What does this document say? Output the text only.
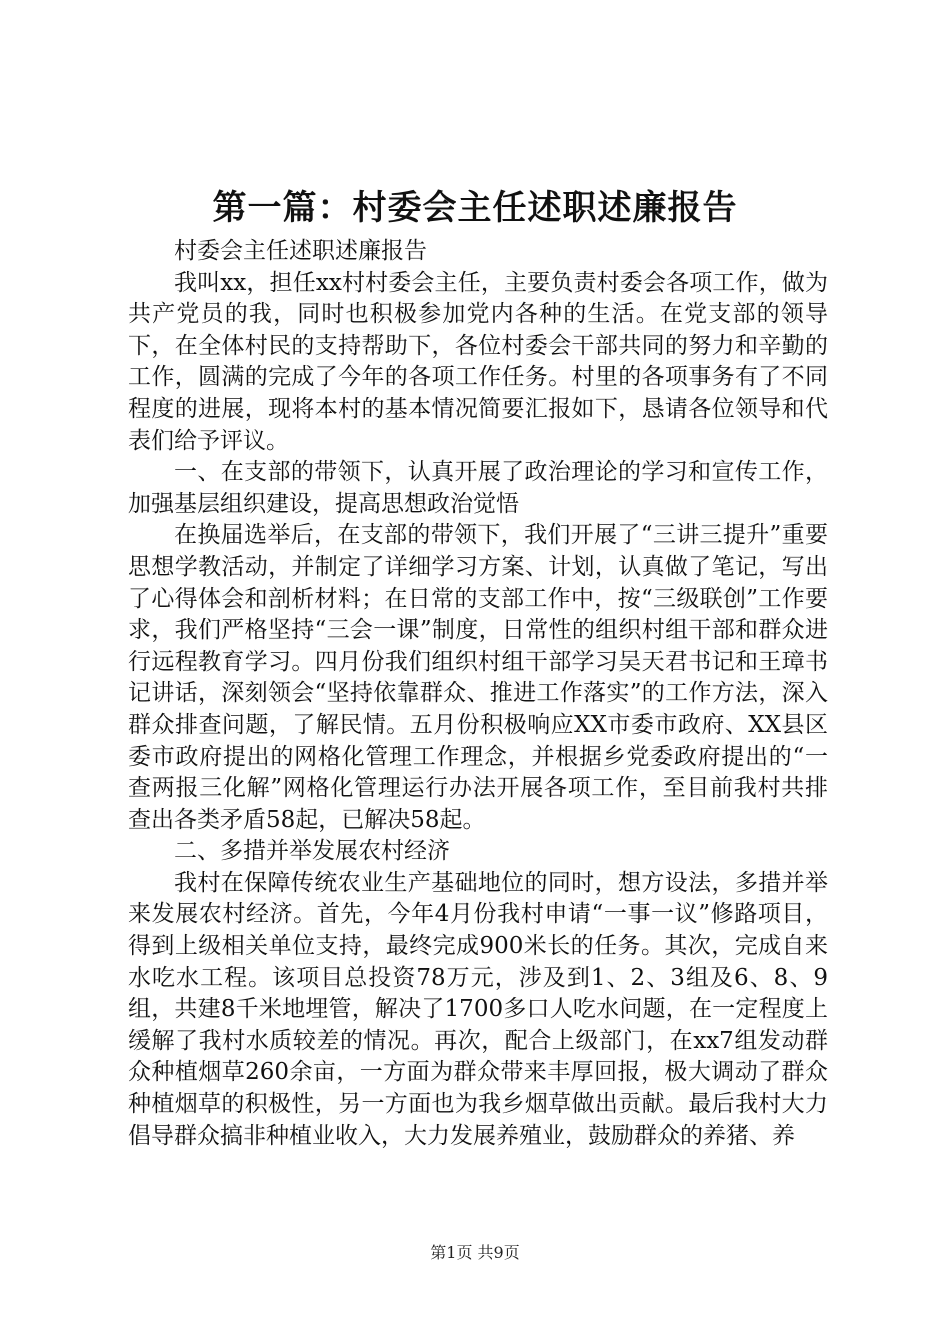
第一篇：村委会主任述职述廉报告

村委会主任述职述廉报告

我叫xx，担任xx村村委会主任，主要负责村委会各项工作，做为共产党员的我，同时也积极参加党内各种的生活。在党支部的领导下，在全体村民的支持帮助下，各位村委会干部共同的努力和辛勤的工作，圆满的完成了今年的各项工作任务。村里的各项事务有了不同程度的进展，现将本村的基本情况简要汇报如下，恳请各位领导和代表们给予评议。

一、在支部的带领下，认真开展了政治理论的学习和宣传工作，加强基层组织建设，提高思想政治觉悟

在换届选举后，在支部的带领下，我们开展了“三讲三提升”重要思想学教活动，并制定了详细学习方案、计划，认真做了笔记，写出了心得体会和剖析材料；在日常的支部工作中，按“三级联创”工作要求，我们严格坚持“三会一课”制度，日常性的组织村组干部和群众进行远程教育学习。四月份我们组织村组干部学习吴天君书记和王璋书记讲话，深刻领会“坚持依靠群众、推进工作落实”的工作方法，深入群众排查问题，了解民情。五月份积极响应XX市委市政府、XX县区委市政府提出的网格化管理工作理念，并根据乡党委政府提出的“一查两报三化解”网格化管理运行办法开展各项工作，至目前我村共排查出各类矛盾58起，已解决58起。

二、多措并举发展农村经济

我村在保障传统农业生产基础地位的同时，想方设法，多措并举来发展农村经济。首先，今年4月份我村申请“一事一议”修路项目，得到上级相关单位支持，最终完成900米长的任务。其次，完成自来水吃水工程。该项目总投资78万元，涉及到1、2、3组及6、8、9组，共建8千米地埋管，解决了1700多口人吃水问题，在一定程度上缓解了我村水质较差的情况。再次，配合上级部门，在xx7组发动群众种植烟草260余亩，一方面为群众带来丰厚回报，极大调动了群众种植烟草的积极性，另一方面也为我乡烟草做出贡献。最后我村大力倡导群众搞非种植业收入，大力发展养殖业，鼓励群众的养猪、养

第1页 共9页
